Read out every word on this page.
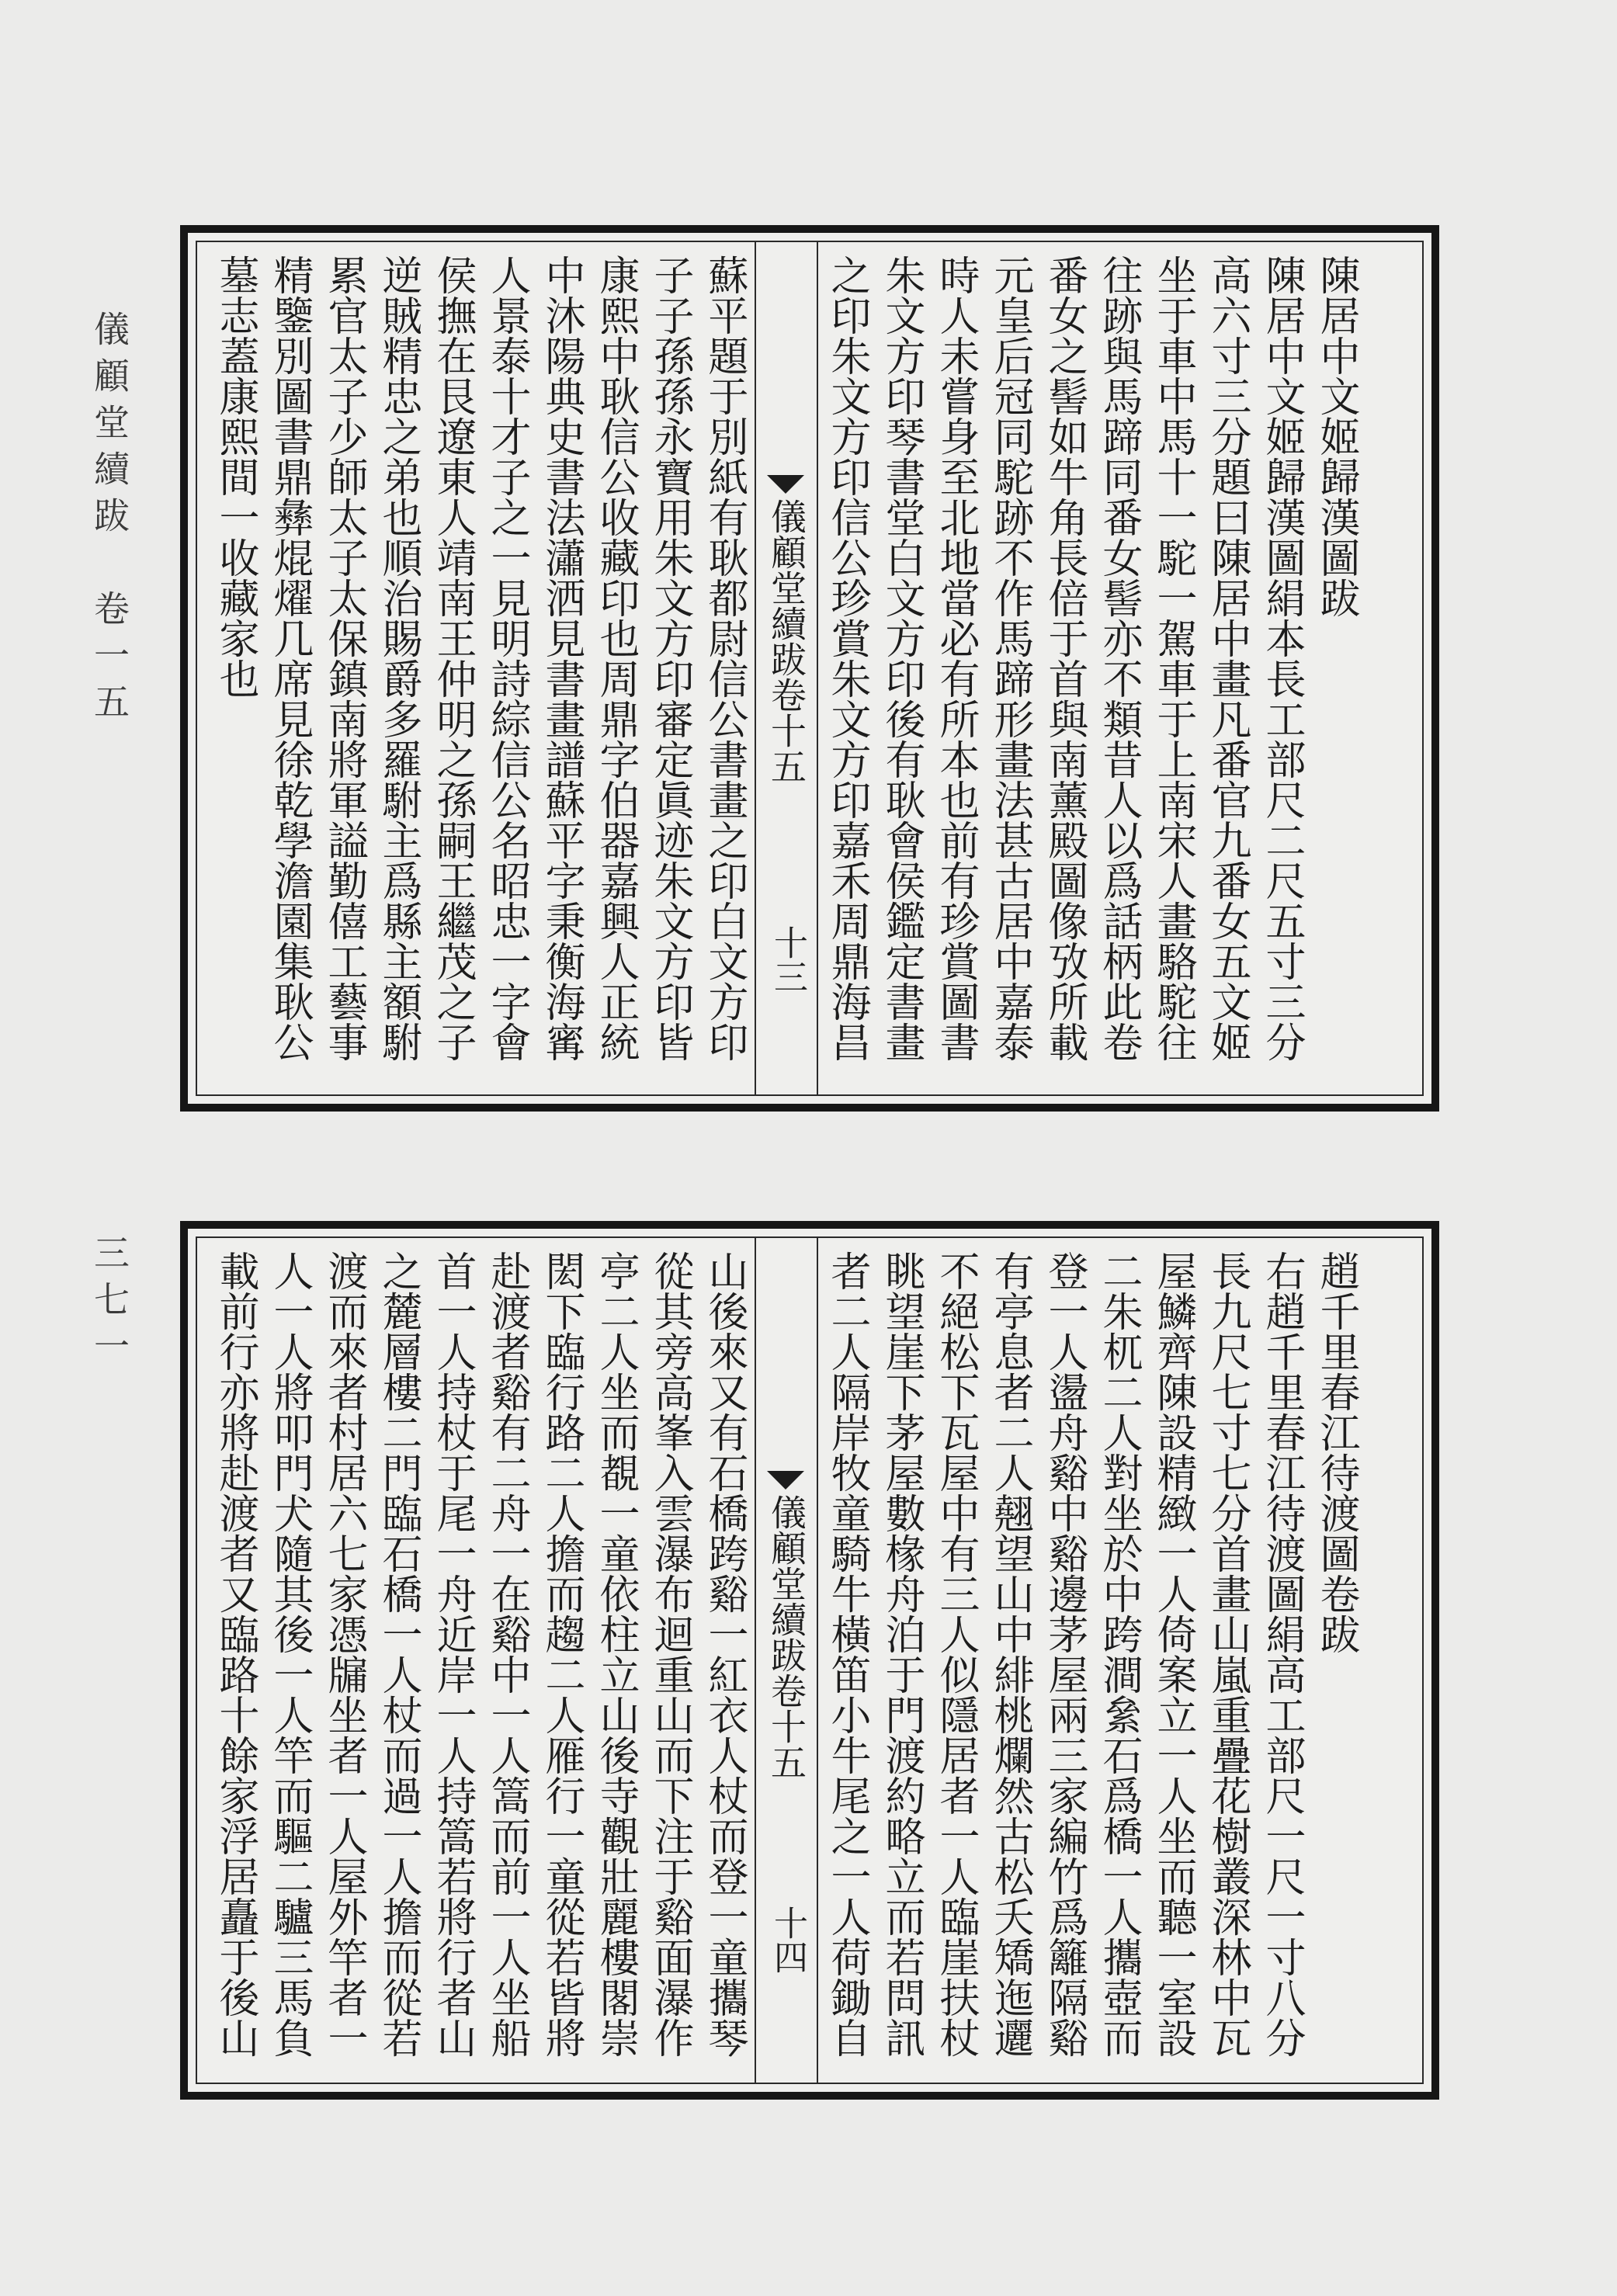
儀顧堂續跋　卷一五
三七一
墓志蓋康熙間一收藏家也 精鑒別圖書鼎彝焜燿几席見徐乾學澹園集耿公 累官太子少師太子太保鎮南將軍謚勤僖工藝事 逆賊精忠之弟也順治賜爵多羅駙主爲縣主額駙 侯撫在艮遼東人靖南王仲明之孫嗣王繼茂之子 人景泰十才子之一見明詩綜信公名昭忠一字會 中沐陽典史書法瀟洒見書畫譜蘇平字秉衡海寗 康熙中耿信公收藏印也周鼎字伯器嘉興人正統 子子孫孫永寶用朱文方印審定眞迹朱文方印皆 蘇平題于別紙有耿都尉信公書畫之印白文方印 儀顧堂續跋卷十五
十三 之印朱文方印信公珍賞朱文方印嘉禾周鼎海昌 朱文方印琴書堂白文方印後有耿會侯鑑定書畫 時人未嘗身至北地當必有所本也前有珍賞圖書 元皇后冠同駝跡不作馬蹄形畫法甚古居中嘉泰 番女之髻如牛角長倍于首與南薰殿圖像攷所載 往跡與馬蹄同番女髻亦不類昔人以爲話柄此卷 坐于車中馬十一駝一駕車于上南宋人畫駱駝往 高六寸三分題曰陳居中畫凡番官九番女五文姬 陳居中文姬歸漢圖絹本長工部尺二尺五寸三分 陳居中文姬歸漢圖跋
載前行亦將赴渡者又臨路十餘家浮居矗于後山 人一人將叩門犬隨其後一人竿而驅二驢三馬負 渡而來者村居六七家憑牖坐者一人屋外竿者一 之麓層樓二門臨石橋一人杖而過一人擔而從若 首一人持杖于尾一舟近岸一人持篙若將行者山 赴渡者谿有二舟一在谿中一人篙而前一人坐船 閎下臨行路二人擔而趨二人雁行一童從若皆將 亭二人坐而覩一童依柱立山後寺觀壯麗樓閣崇 從其旁高峯入雲瀑布迴重山而下注于谿面瀑作 山後來又有石橋跨谿一紅衣人杖而登一童攜琴 儀顧堂續跋卷十五
十四 者二人隔岸牧童騎牛橫笛小牛尾之一人荷鋤自 眺望崖下茅屋數椽舟泊于門渡約略立而若問訊 不絕松下瓦屋中有三人似隱居者一人臨崖扶杖 有亭息者二人翹望山中緋桃爛然古松夭矯迤邐 登一人盪舟谿中谿邊茅屋兩三家編竹爲籬隔谿 二朱杌二人對坐於中跨澗絫石爲橋一人攜壺而 屋鱗齊陳設精緻一人倚案立一人坐而聽一室設 長九尺七寸七分首畫山嵐重疊花樹叢深林中瓦 右趙千里春江待渡圖絹高工部尺一尺一寸八分 趙千里春江待渡圖卷跋
